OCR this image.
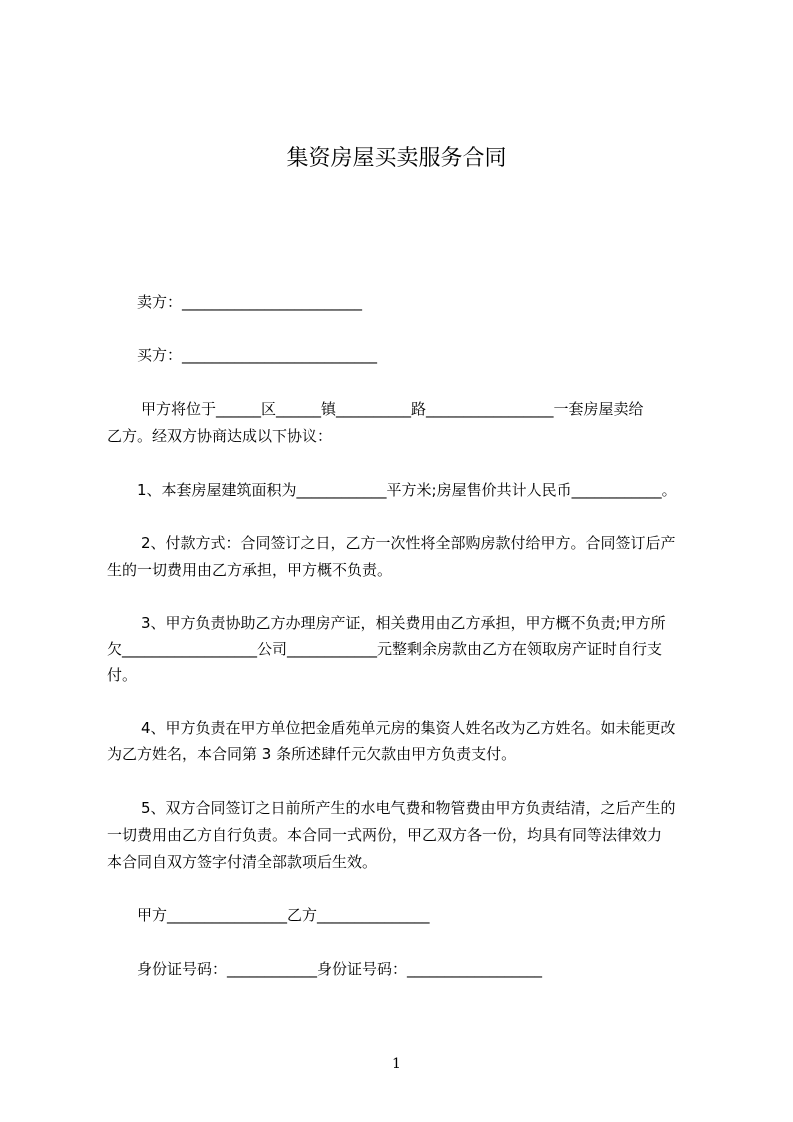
集资房屋买卖服务合同
卖方：________________________
买方：__________________________
甲方将位于______区______镇__________路_________________一套房屋卖给
乙方。经双方协商达成以下协议：
1、本套房屋建筑面积为____________平方米;房屋售价共计人民币____________。
2、付款方式：合同签订之日，乙方一次性将全部购房款付给甲方。合同签订后产
生的一切费用由乙方承担，甲方概不负责。
3、甲方负责协助乙方办理房产证，相关费用由乙方承担，甲方概不负责;甲方所
欠__________________公司____________元整剩余房款由乙方在领取房产证时自行支
付。
4、甲方负责在甲方单位把金盾苑单元房的集资人姓名改为乙方姓名。如未能更改
为乙方姓名，本合同第 3 条所述肆仟元欠款由甲方负责支付。
5、双方合同签订之日前所产生的水电气费和物管费由甲方负责结清，之后产生的
一切费用由乙方自行负责。本合同一式两份，甲乙双方各一份，均具有同等法律效力
本合同自双方签字付清全部款项后生效。
甲方________________乙方_______________
身份证号码：____________身份证号码：__________________
1
